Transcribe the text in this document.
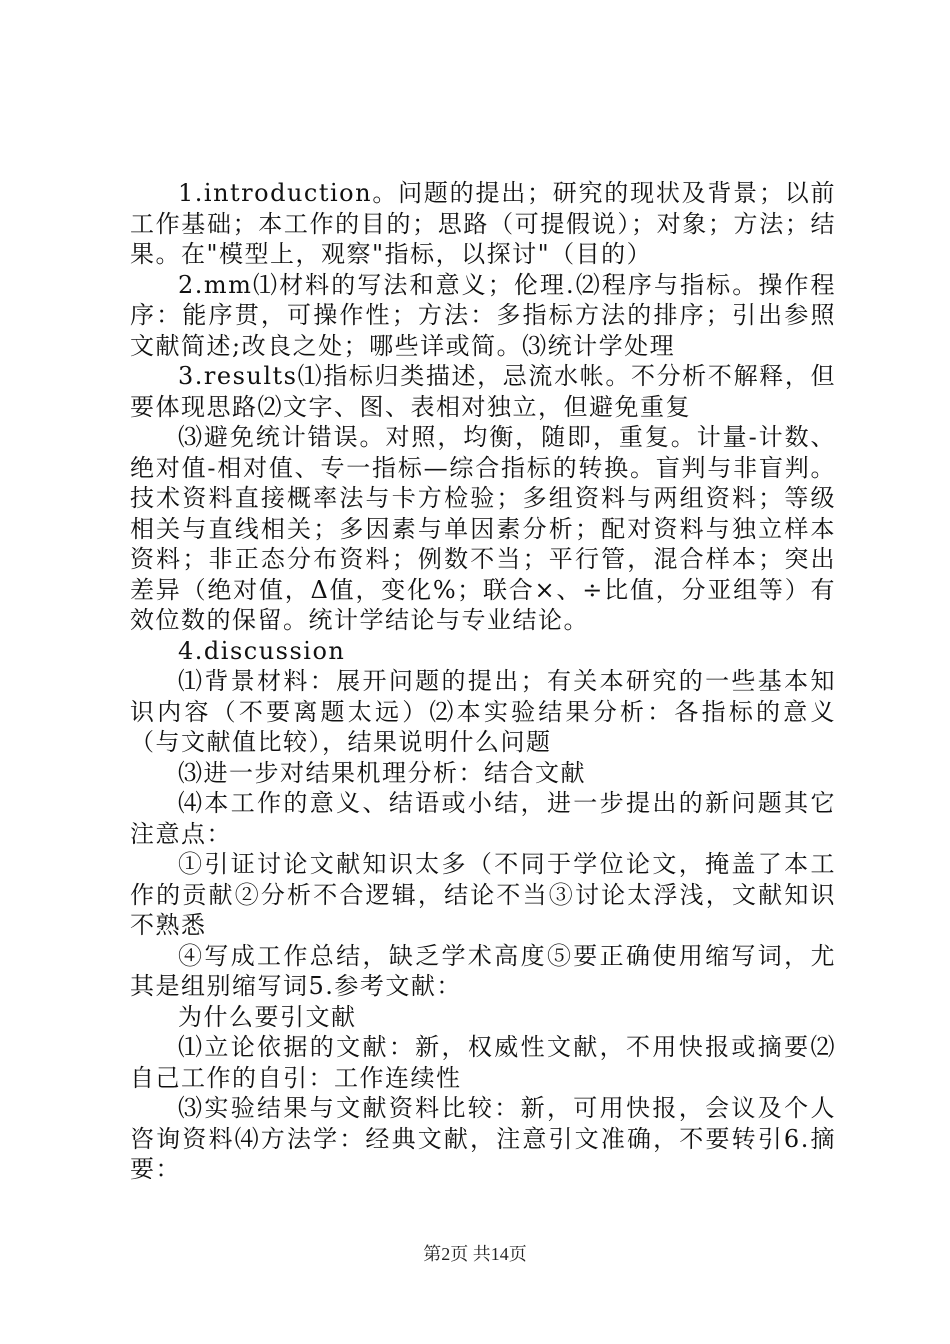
1.introduction。问题的提出；研究的现状及背景；以前工作基础；本工作的目的；思路（可提假说）；对象；方法；结果。在"模型上，观察"指标，以探讨"（目的）

2.mm⑴材料的写法和意义；伦理.⑵程序与指标。操作程序：能序贯，可操作性；方法：多指标方法的排序；引出参照文献简述;改良之处；哪些详或简。⑶统计学处理

3.results⑴指标归类描述，忌流水帐。不分析不解释，但要体现思路⑵文字、图、表相对独立，但避免重复

⑶避免统计错误。对照，均衡，随即，重复。计量-计数、绝对值-相对值、专一指标—综合指标的转换。盲判与非盲判。技术资料直接概率法与卡方检验；多组资料与两组资料；等级相关与直线相关；多因素与单因素分析；配对资料与独立样本资料；非正态分布资料；例数不当；平行管，混合样本；突出差异（绝对值，Δ值，变化%；联合×、÷比值，分亚组等）有效位数的保留。统计学结论与专业结论。

4.discussion

⑴背景材料：展开问题的提出；有关本研究的一些基本知识内容（不要离题太远）⑵本实验结果分析：各指标的意义（与文献值比较），结果说明什么问题

⑶进一步对结果机理分析：结合文献

⑷本工作的意义、结语或小结，进一步提出的新问题其它注意点：

①引证讨论文献知识太多（不同于学位论文，掩盖了本工作的贡献②分析不合逻辑，结论不当③讨论太浮浅，文献知识不熟悉

④写成工作总结，缺乏学术高度⑤要正确使用缩写词，尤其是组别缩写词5.参考文献：

为什么要引文献

⑴立论依据的文献：新，权威性文献，不用快报或摘要⑵自己工作的自引：工作连续性

⑶实验结果与文献资料比较：新，可用快报，会议及个人咨询资料⑷方法学：经典文献，注意引文准确，不要转引6.摘要：

第2页 共14页
